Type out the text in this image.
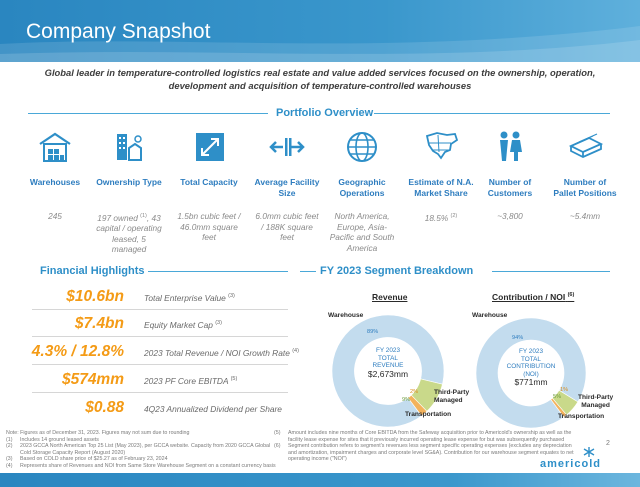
Company Snapshot
Global leader in temperature-controlled logistics real estate and value added services focused on the ownership, operation, development and acquisition of temperature-controlled warehouses
Portfolio Overview
Warehouses
245
Ownership Type
197 owned $^{(1)}$, 43 capital / operating leased, 5 managed
Total Capacity
1.5bn cubic feet / 46.0mm square feet
Average Facility Size
6.0mm cubic feet / 188K square feet
Geographic Operations
North America, Europe, Asia-Pacific and South America
Estimate of N.A. Market Share
18.5% $^{(2)}$
Number of Customers
~3,800
Number of Pallet Positions
~5.4mm
Financial Highlights
$10.6bn Total Enterprise Value $^{(3)}$
$7.4bn Equity Market Cap $^{(3)}$
4.3% / 12.8% 2023 Total Revenue / NOI Growth Rate $^{(4)}$
$574mm 2023 PF Core EBITDA $^{(5)}$
$0.88 4Q23 Annualized Dividend per Share
FY 2023 Segment Breakdown
Revenue	Contribution / NOI $^{(6)}$
FY 2023
TOTAL
REVENUE
$2,673mm
FY 2023
TOTAL
CONTRIBUTION
(NOI)
$771mm
89%
2%
9%
94%
1%
5%
Warehouse
Third-Party
Managed
Transportation
Warehouse
Third-Party
Managed
Transportation
Note: Figures as of December 31, 2023. Figures may not sum due to rounding
(1)	Includes 14 ground leased assets
(2)	2023 GCCA North American Top 25 List (May 2023), per GCCA website. Capacity from 2020 GCCA Global Cold Storage Capacity Report (August 2020)
(3)	Based on COLD share price of $25.27 as of February 23, 2024
(4)	Represents share of Revenues and NOI from Same Store Warehouse Segment on a constant currency basis
(5)	Amount includes nine months of Core EBITDA from the Safeway acquisition prior to Americold's ownership as well as the facility lease expense for sites that it previously incurred operating lease expense for but was subsequently purchased
(6)	Segment contribution refers to segment's revenues less segment specific operating expenses (excludes any depreciation and amortization, impairment charges and corporate level SG&A). Contribution for our warehouse segment equates to net operating income ("NOI")
2
americold
